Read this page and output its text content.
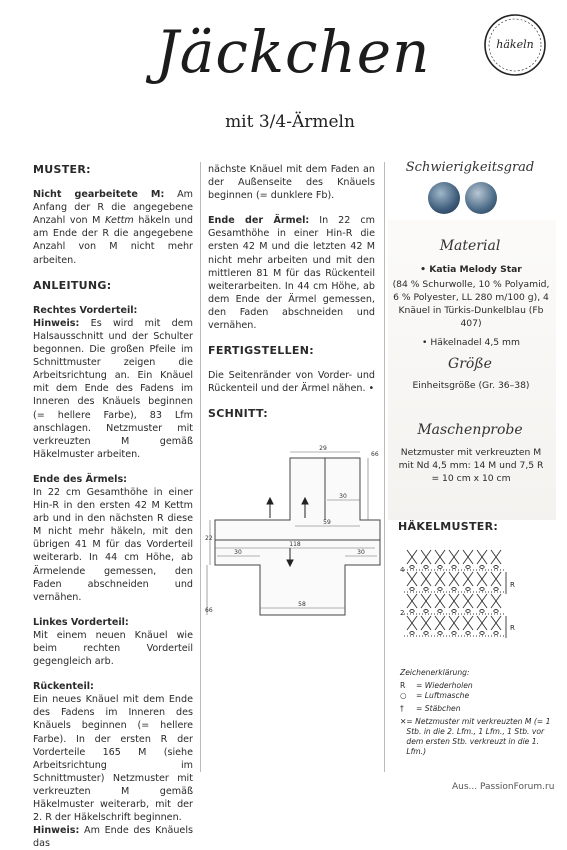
Jäckchen
mit 3/4-Ärmeln
häkeln
MUSTER:

Nicht gearbeitete M: Am Anfang der R die angegebene Anzahl von M Kettm häkeln und am Ende der R die angegebene Anzahl von M nicht mehr arbeiten.

ANLEITUNG:
Rechtes Vorderteil:

Hinweis: Es wird mit dem Halsausschnitt und der Schulter begonnen. Die großen Pfeile im Schnittmuster zeigen die Arbeitsrichtung an. Ein Knäuel mit dem Ende des Fadens im Inneren des Knäuels beginnen (= hellere Farbe), 83 Lfm anschlagen. Netzmuster mit verkreuzten M gemäß Häkelmuster arbeiten.

Ende des Ärmels:

In 22 cm Gesamthöhe in einer Hin-R in den ersten 42 M Kettm arb und in den nächsten R diese M nicht mehr häkeln, mit den übrigen 41 M für das Vorderteil weiterarb. In 44 cm Höhe, ab Ärmelende gemessen, den Faden abschneiden und vernähen.

Linkes Vorderteil:

Mit einem neuen Knäuel wie beim rechten Vorderteil gegengleich arb.

Rückenteil:

Ein neues Knäuel mit dem Ende des Fadens im Inneren des Knäuels beginnen (= hellere Farbe). In der ersten R der Vorderteile 165 M (siehe Arbeitsrichtung im Schnittmuster) Netzmuster mit verkreuzten M gemäß Häkelmuster weiterarb, mit der 2. R der Häkelschrift beginnen.

Hinweis: Am Ende des Knäuels das

nächste Knäuel mit dem Faden an der Außenseite des Knäuels beginnen (= dunklere Fb).

Ende der Ärmel: In 22 cm Gesamthöhe in einer Hin-R die ersten 42 M und die letzten 42 M nicht mehr arbeiten und mit den mittleren 81 M für das Rückenteil weiterarbeiten. In 44 cm Höhe, ab dem Ende der Ärmel gemessen, den Faden abschneiden und vernähen.

FERTIGSTELLEN:

Die Seitenränder von Vorder- und Rückenteil und der Ärmel nähen. •

SCHNITT:
29
66
30
59
118
30	30
22
66
58
Schwierigkeitsgrad
Material
• Katia Melody Star
(84 % Schurwolle, 10 % Polyamid, 6 % Polyester, LL 280 m/100 g), 4 Knäuel in Türkis-Dunkelblau (Fb 407)
• Häkelnadel 4,5 mm
Größe
Einheitsgröße (Gr. 36–38)
Maschenprobe
Netzmuster mit verkreuzten M mit Nd 4,5 mm: 14 M und 7,5 R = 10 cm x 10 cm
HÄKELMUSTER:
4
2
R
R
Zeichenerklärung:
R	= Wiederholen
○	= Luftmasche
†	= Stäbchen
✕ = Netzmuster mit verkreuzten M (= 1 Stb. in die 2. Lfm., 1 Lfm., 1 Stb. vor dem ersten Stb. verkreuzt in die 1. Lfm.)
Aus... PassionForum.ru
